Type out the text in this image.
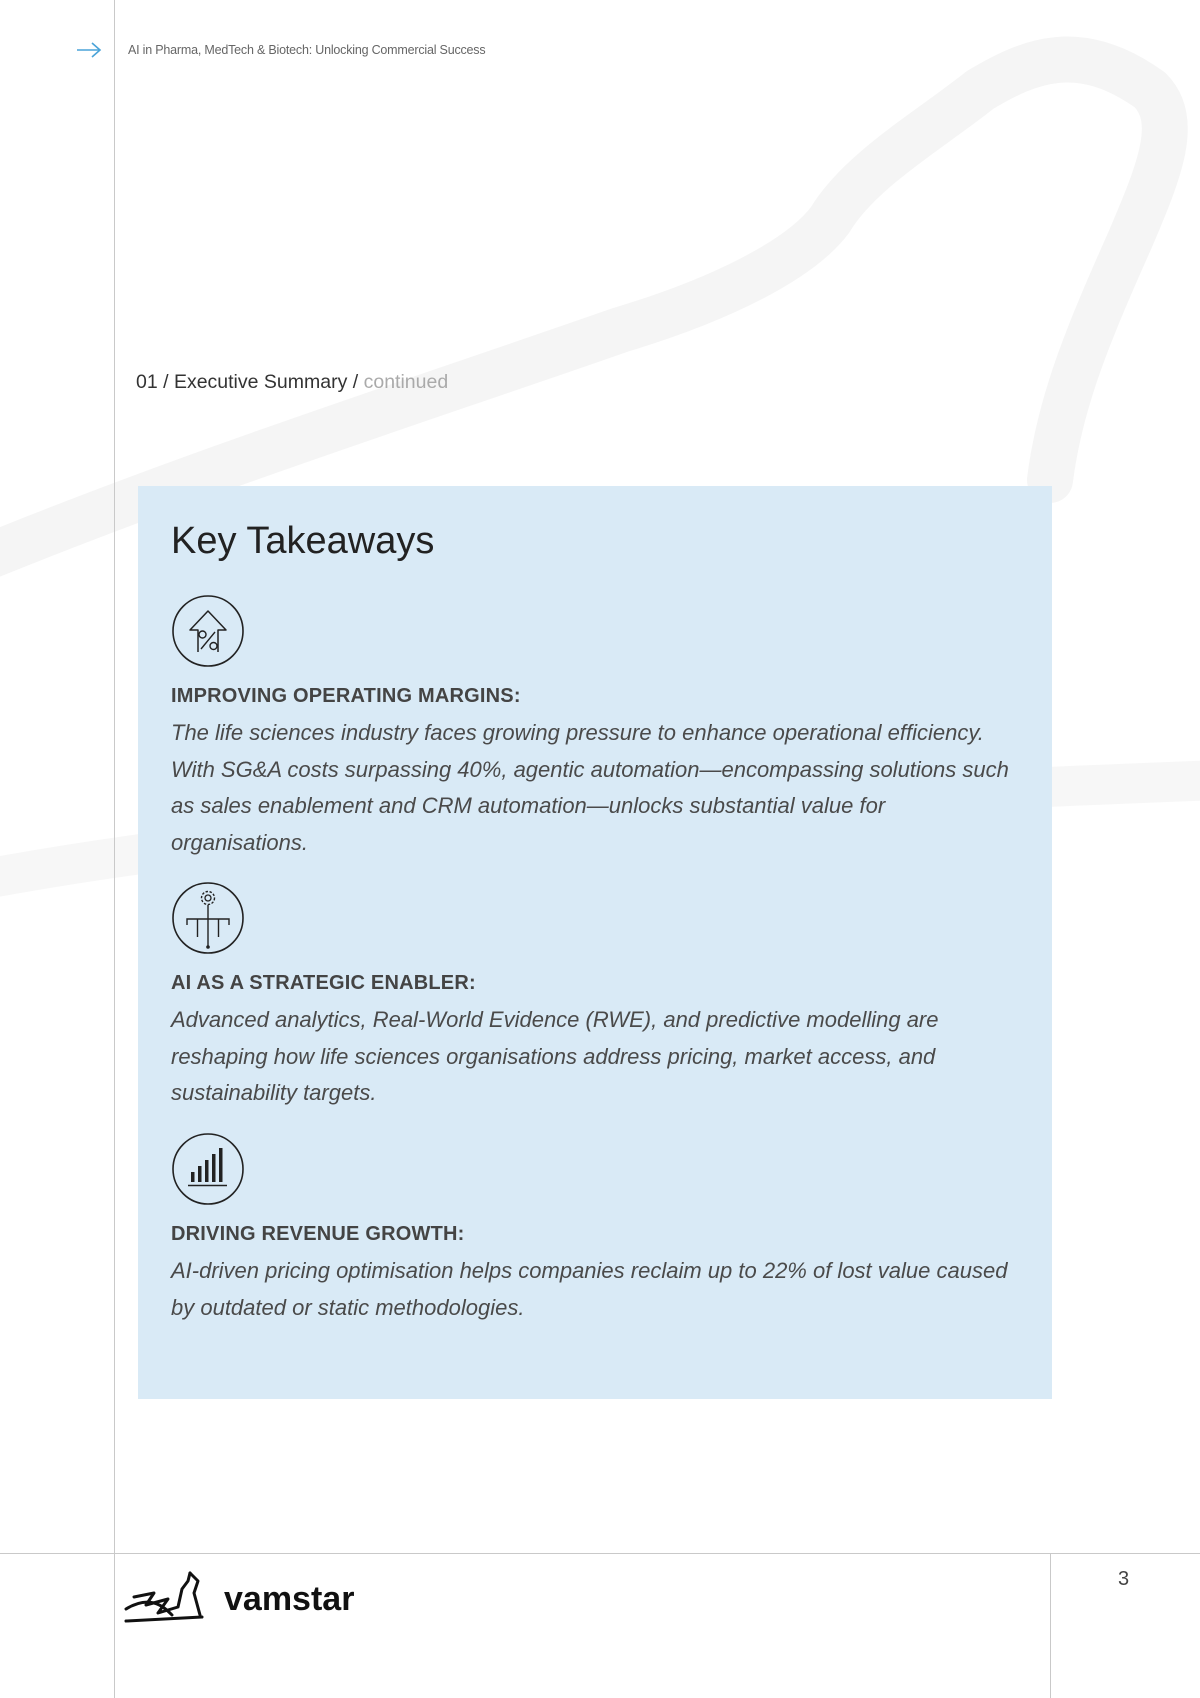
AI in Pharma, MedTech & Biotech: Unlocking Commercial Success
01 / Executive Summary / continued
Key Takeaways
IMPROVING OPERATING MARGINS:
The life sciences industry faces growing pressure to enhance operational efficiency. With SG&A costs surpassing 40%, agentic automation—encompassing solutions such as sales enablement and CRM automation—unlocks substantial value for organisations.
AI AS A STRATEGIC ENABLER:
Advanced analytics, Real-World Evidence (RWE), and predictive modelling are reshaping how life sciences organisations address pricing, market access, and sustainability targets.
DRIVING REVENUE GROWTH:
AI-driven pricing optimisation helps companies reclaim up to 22% of lost value caused by outdated or static methodologies.
vamstar
3
